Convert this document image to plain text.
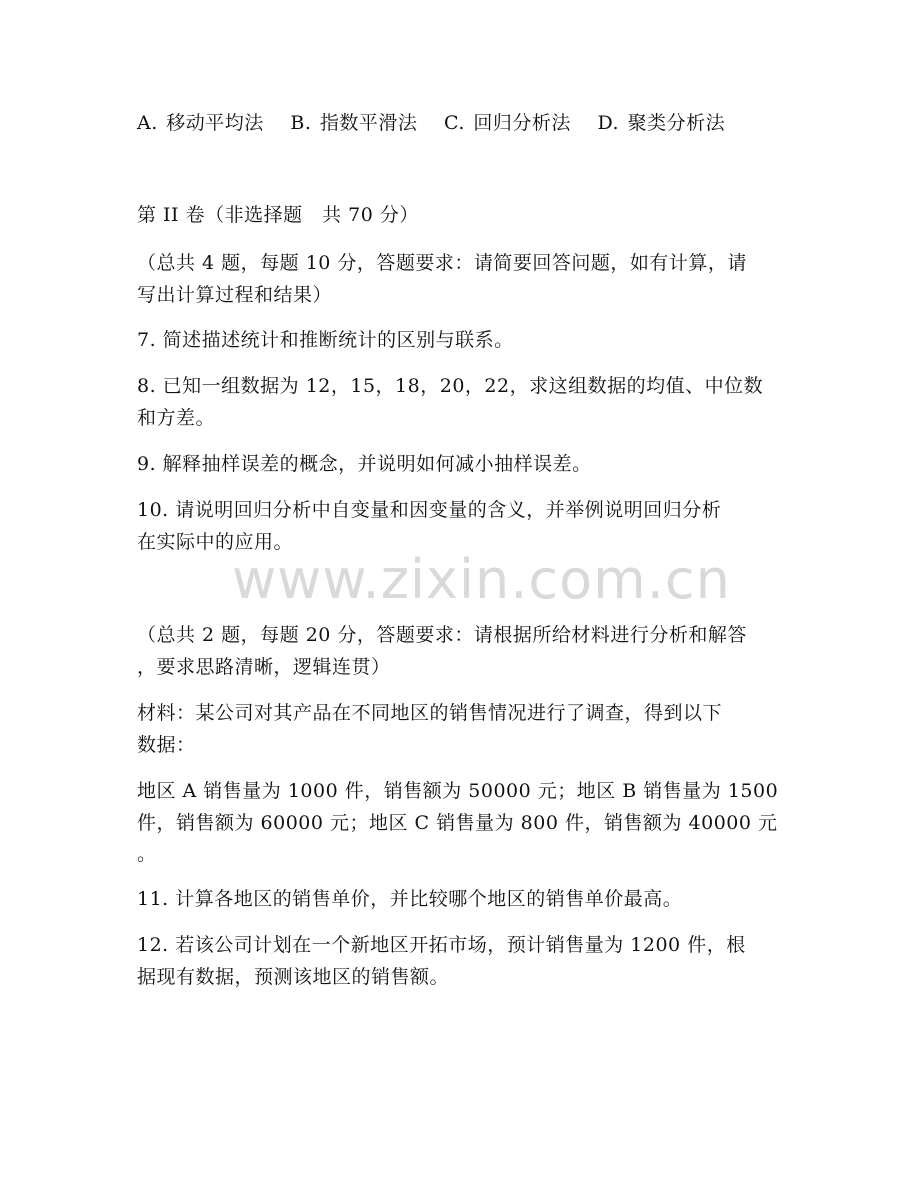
A. 移动平均法 B. 指数平滑法 C. 回归分析法 D. 聚类分析法
第 II 卷（非选择题　共 70 分）
（总共 4 题，每题 10 分，答题要求：请简要回答问题，如有计算，请
写出计算过程和结果）
7. 简述描述统计和推断统计的区别与联系。
8. 已知一组数据为 12，15，18，20，22，求这组数据的均值、中位数
和方差。
9. 解释抽样误差的概念，并说明如何减小抽样误差。
10. 请说明回归分析中自变量和因变量的含义，并举例说明回归分析
在实际中的应用。
www.zixin.com.cn
（总共 2 题，每题 20 分，答题要求：请根据所给材料进行分析和解答
，要求思路清晰，逻辑连贯）
材料：某公司对其产品在不同地区的销售情况进行了调查，得到以下
数据：
地区 A 销售量为 1000 件，销售额为 50000 元；地区 B 销售量为 1500
件，销售额为 60000 元；地区 C 销售量为 800 件，销售额为 40000 元
。
11. 计算各地区的销售单价，并比较哪个地区的销售单价最高。
12. 若该公司计划在一个新地区开拓市场，预计销售量为 1200 件，根
据现有数据，预测该地区的销售额。
